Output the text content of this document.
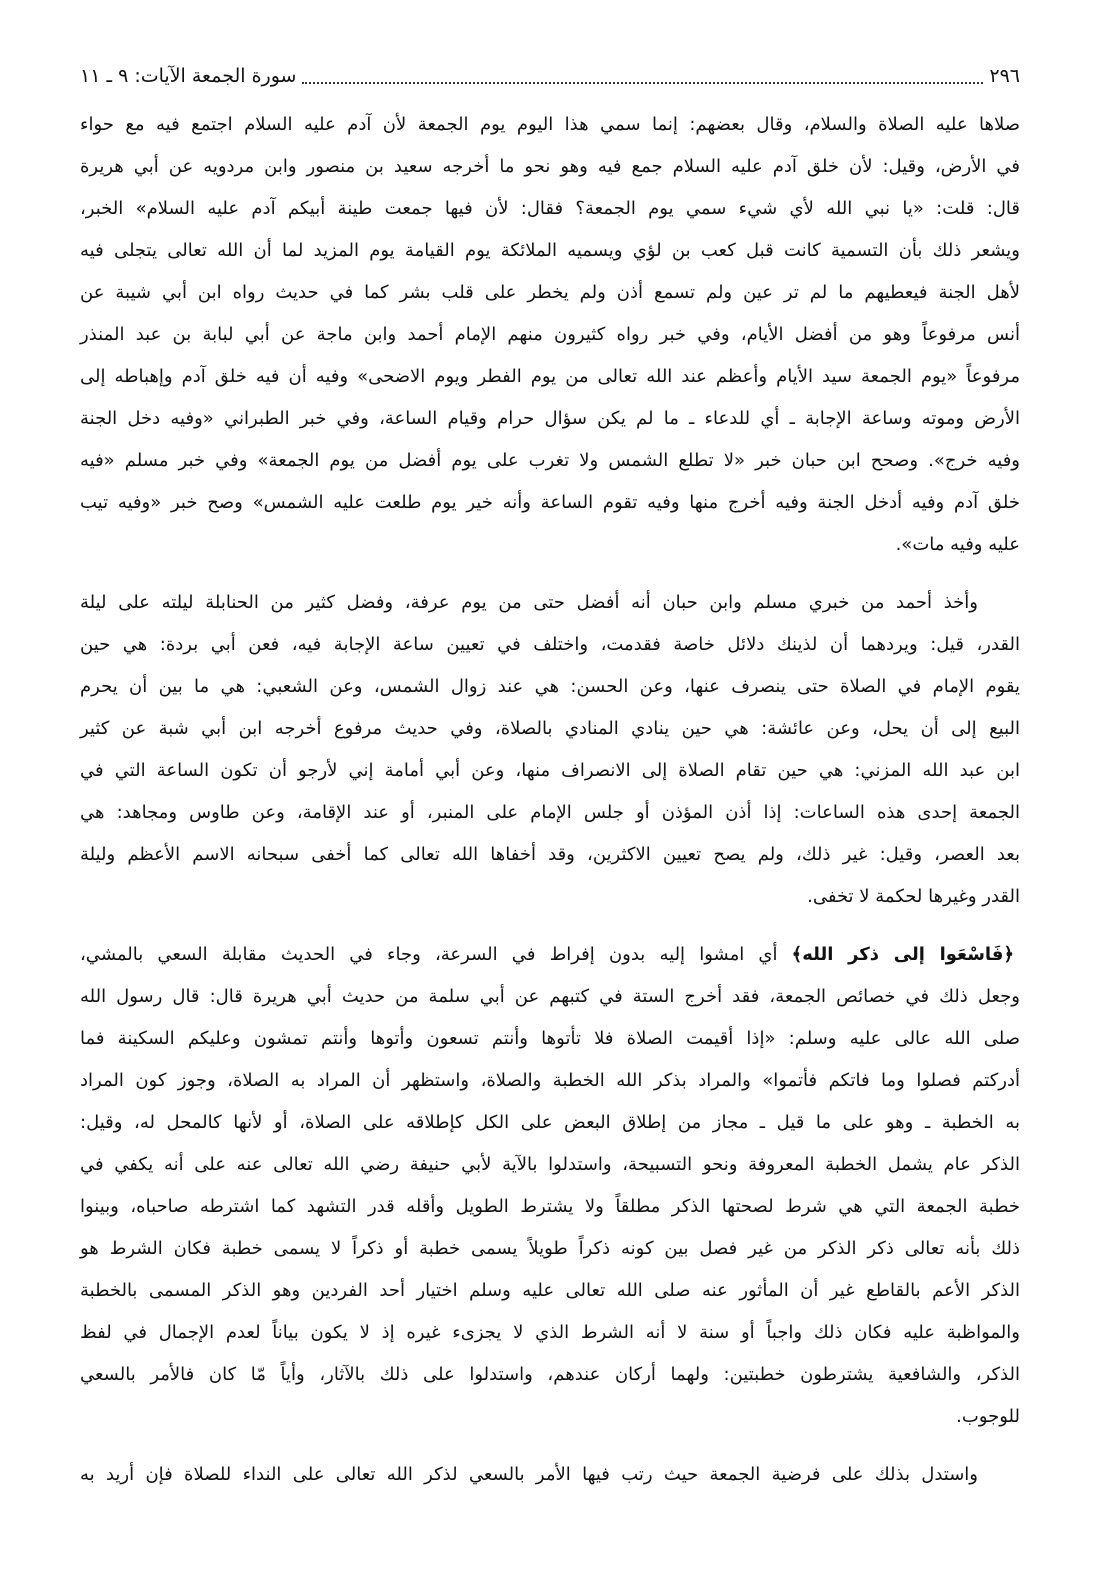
٢٩٦
سورة الجمعة الآيات: ٩ ـ ١١
صلاها عليه الصلاة والسلام، وقال بعضهم: إنما سمي هذا اليوم يوم الجمعة لأن آدم عليه السلام اجتمع فيه مع حواء
في الأرض، وقيل: لأن خلق آدم عليه السلام جمع فيه وهو نحو ما أخرجه سعيد بن منصور وابن مردويه عن أبي هريرة
قال: قلت: «يا نبي الله لأي شيء سمي يوم الجمعة؟ فقال: لأن فيها جمعت طينة أبيكم آدم عليه السلام» الخبر،
ويشعر ذلك بأن التسمية كانت قبل كعب بن لؤي ويسميه الملائكة يوم القيامة يوم المزيد لما أن الله تعالى يتجلى فيه
لأهل الجنة فيعطيهم ما لم تر عين ولم تسمع أذن ولم يخطر على قلب بشر كما في حديث رواه ابن أبي شيبة عن
أنس مرفوعاً وهو من أفضل الأيام، وفي خبر رواه كثيرون منهم الإمام أحمد وابن ماجة عن أبي لبابة بن عبد المنذر
مرفوعاً «يوم الجمعة سيد الأيام وأعظم عند الله تعالى من يوم الفطر ويوم الاضحى» وفيه أن فيه خلق آدم وإهباطه إلى
الأرض وموته وساعة الإجابة ـ أي للدعاء ـ ما لم يكن سؤال حرام وقيام الساعة، وفي خبر الطبراني «وفيه دخل الجنة
وفيه خرج». وصحح ابن حبان خبر «لا تطلع الشمس ولا تغرب على يوم أفضل من يوم الجمعة» وفي خبر مسلم «فيه
خلق آدم وفيه أدخل الجنة وفيه أخرج منها وفيه تقوم الساعة وأنه خير يوم طلعت عليه الشمس» وصح خبر «وفيه تيب
عليه وفيه مات».
وأخذ أحمد من خبري مسلم وابن حبان أنه أفضل حتى من يوم عرفة، وفضل كثير من الحنابلة ليلته على ليلة
القدر، قيل: ويردهما أن لذينك دلائل خاصة فقدمت، واختلف في تعيين ساعة الإجابة فيه، فعن أبي بردة: هي حين
يقوم الإمام في الصلاة حتى ينصرف عنها، وعن الحسن: هي عند زوال الشمس، وعن الشعبي: هي ما بين أن يحرم
البيع إلى أن يحل، وعن عائشة: هي حين ينادي المنادي بالصلاة، وفي حديث مرفوع أخرجه ابن أبي شبة عن كثير
ابن عبد الله المزني: هي حين تقام الصلاة إلى الانصراف منها، وعن أبي أمامة إني لأرجو أن تكون الساعة التي في
الجمعة إحدى هذه الساعات: إذا أذن المؤذن أو جلس الإمام على المنبر، أو عند الإقامة، وعن طاوس ومجاهد: هي
بعد العصر، وقيل: غير ذلك، ولم يصح تعيين الاكثرين، وقد أخفاها الله تعالى كما أخفى سبحانه الاسم الأعظم وليلة
القدر وغيرها لحكمة لا تخفى.
﴿فَاسْعَوا إلى ذكر الله﴾ أي امشوا إليه بدون إفراط في السرعة، وجاء في الحديث مقابلة السعي بالمشي،
وجعل ذلك في خصائص الجمعة، فقد أخرج الستة في كتبهم عن أبي سلمة من حديث أبي هريرة قال: قال رسول الله
صلى الله عالى عليه وسلم: «إذا أقيمت الصلاة فلا تأتوها وأنتم تسعون وأتوها وأنتم تمشون وعليكم السكينة فما
أدركتم فصلوا وما فاتكم فأتموا» والمراد بذكر الله الخطبة والصلاة، واستظهر أن المراد به الصلاة، وجوز كون المراد
به الخطبة ـ وهو على ما قيل ـ مجاز من إطلاق البعض على الكل كإطلاقه على الصلاة، أو لأنها كالمحل له، وقيل:
الذكر عام يشمل الخطبة المعروفة ونحو التسبيحة، واستدلوا بالآية لأبي حنيفة رضي الله تعالى عنه على أنه يكفي في
خطبة الجمعة التي هي شرط لصحتها الذكر مطلقاً ولا يشترط الطويل وأقله قدر التشهد كما اشترطه صاحباه، وبينوا
ذلك بأنه تعالى ذكر الذكر من غير فصل بين كونه ذكراً طويلاً يسمى خطبة أو ذكراً لا يسمى خطبة فكان الشرط هو
الذكر الأعم بالقاطع غير أن المأثور عنه صلى الله تعالى عليه وسلم اختيار أحد الفردين وهو الذكر المسمى بالخطبة
والمواظبة عليه فكان ذلك واجباً أو سنة لا أنه الشرط الذي لا يجزىء غيره إذ لا يكون بياناً لعدم الإجمال في لفظ
الذكر، والشافعية يشترطون خطبتين: ولهما أركان عندهم، واستدلوا على ذلك بالآثار، وأياً مّا كان فالأمر بالسعي
للوجوب.
واستدل بذلك على فرضية الجمعة حيث رتب فيها الأمر بالسعي لذكر الله تعالى على النداء للصلاة فإن أريد به
